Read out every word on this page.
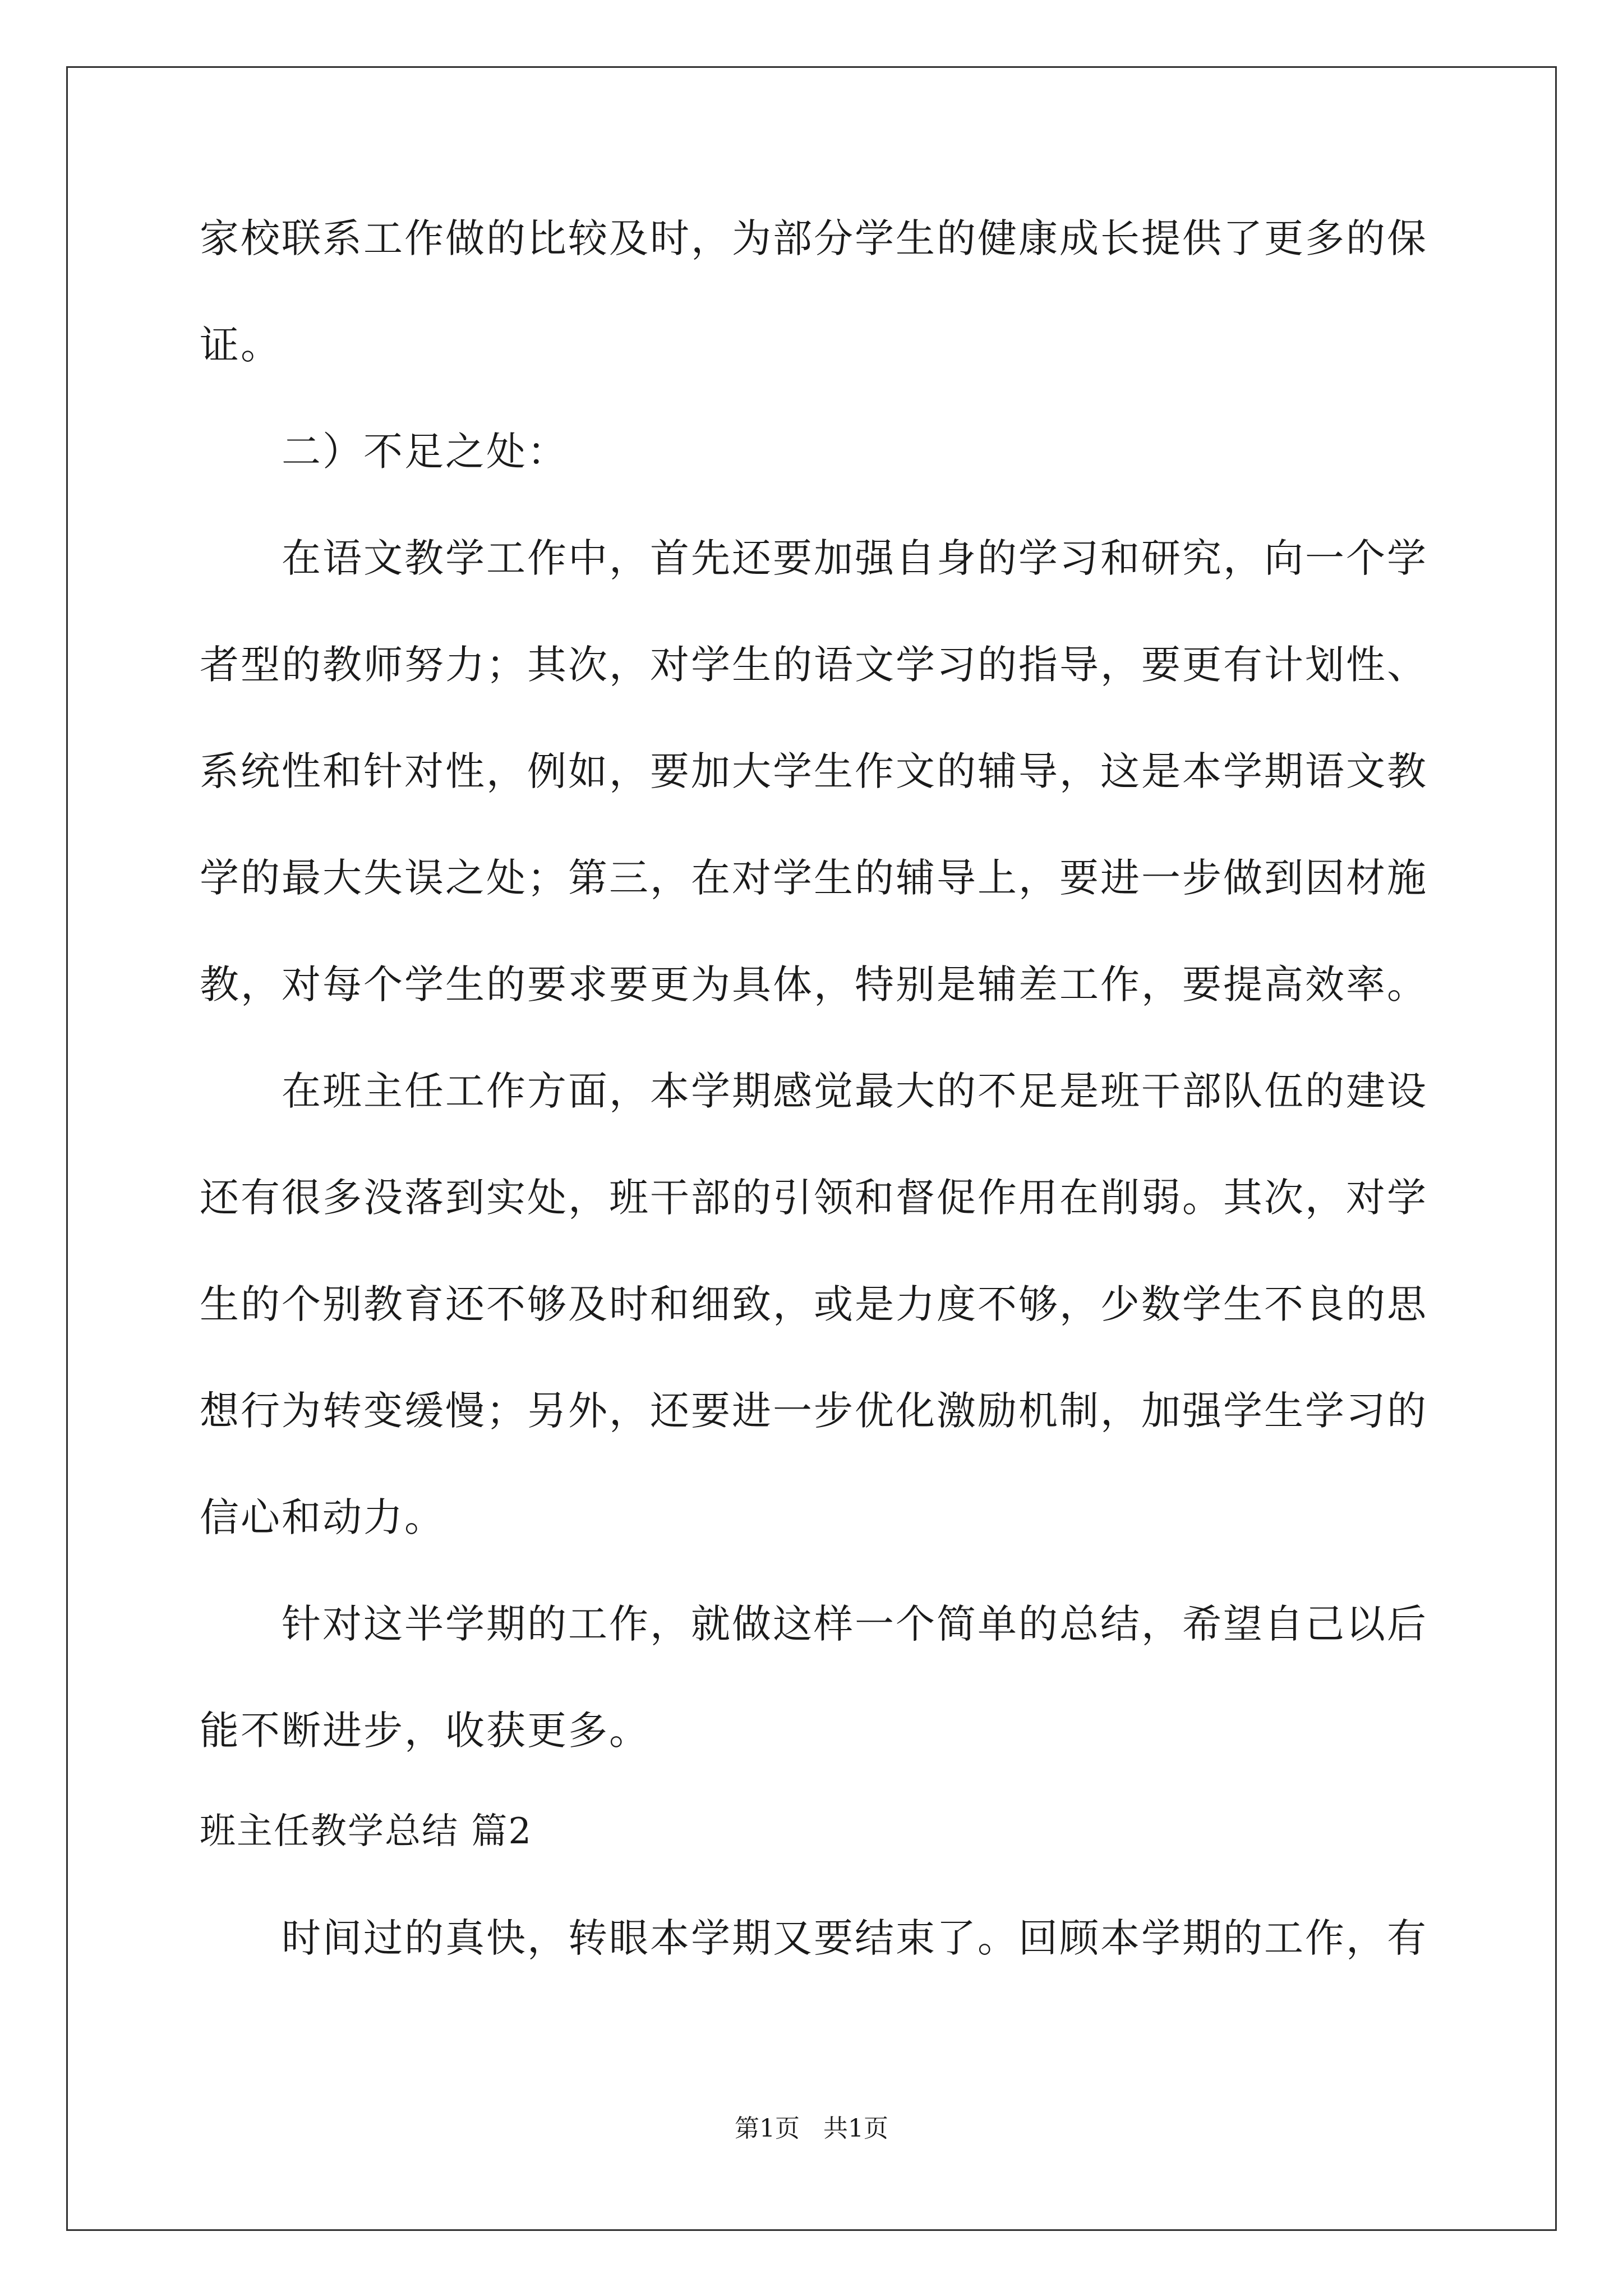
家校联系工作做的比较及时，为部分学生的健康成长提供了更多的保
证。
二）不足之处：
在语文教学工作中，首先还要加强自身的学习和研究，向一个学
者型的教师努力；其次，对学生的语文学习的指导，要更有计划性、
系统性和针对性，例如，要加大学生作文的辅导，这是本学期语文教
学的最大失误之处；第三，在对学生的辅导上，要进一步做到因材施
教，对每个学生的要求要更为具体，特别是辅差工作，要提高效率。
在班主任工作方面，本学期感觉最大的不足是班干部队伍的建设
还有很多没落到实处，班干部的引领和督促作用在削弱。其次，对学
生的个别教育还不够及时和细致，或是力度不够，少数学生不良的思
想行为转变缓慢；另外，还要进一步优化激励机制，加强学生学习的
信心和动力。
针对这半学期的工作，就做这样一个简单的总结，希望自己以后
能不断进步，收获更多。
班主任教学总结 篇2
时间过的真快，转眼本学期又要结束了。回顾本学期的工作，有
第1页   共1页
